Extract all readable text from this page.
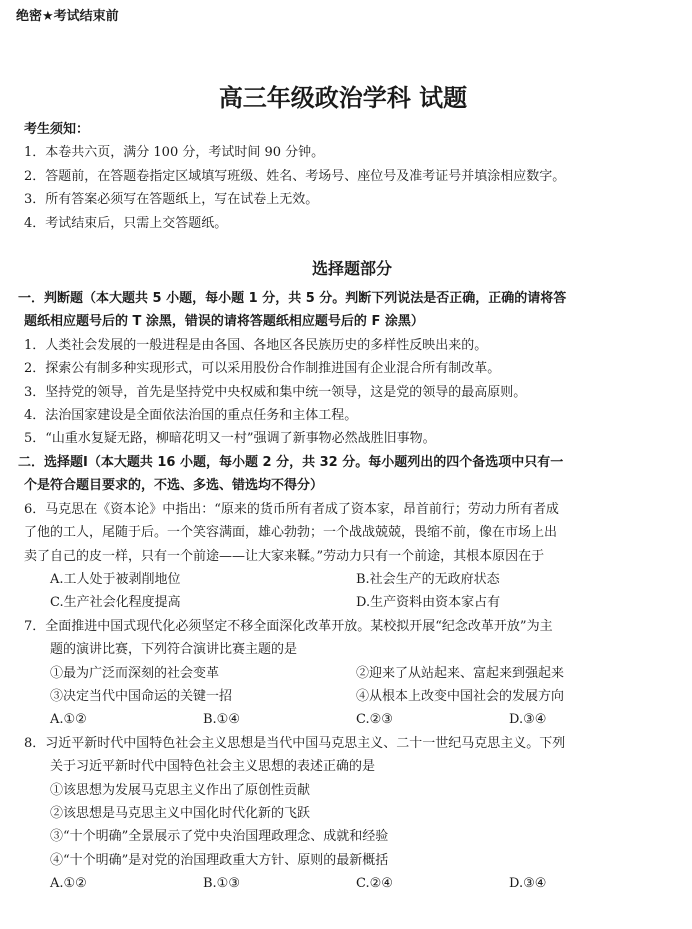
绝密★考试结束前
高三年级政治学科 试题
考生须知：
1．本卷共六页，满分 100 分，考试时间 90 分钟。
2．答题前，在答题卷指定区域填写班级、姓名、考场号、座位号及准考证号并填涂相应数字。
3．所有答案必须写在答题纸上，写在试卷上无效。
4．考试结束后，只需上交答题纸。
选择题部分
一．判断题（本大题共 5 小题，每小题 1 分，共 5 分。判断下列说法是否正确，正确的请将答
题纸相应题号后的 T 涂黑，错误的请将答题纸相应题号后的 F 涂黑）
1．人类社会发展的一般进程是由各国、各地区各民族历史的多样性反映出来的。
2．探索公有制多种实现形式，可以采用股份合作制推进国有企业混合所有制改革。
3．坚持党的领导，首先是坚持党中央权威和集中统一领导，这是党的领导的最高原则。
4．法治国家建设是全面依法治国的重点任务和主体工程。
5．“山重水复疑无路，柳暗花明又一村”强调了新事物必然战胜旧事物。
二．选择题Ⅰ（本大题共 16 小题，每小题 2 分，共 32 分。每小题列出的四个备选项中只有一
个是符合题目要求的，不选、多选、错选均不得分）
6．马克思在《资本论》中指出：“原来的货币所有者成了资本家，昂首前行；劳动力所有者成
了他的工人，尾随于后。一个笑容满面，雄心勃勃；一个战战兢兢，畏缩不前，像在市场上出
卖了自己的皮一样，只有一个前途——让大家来鞣。”劳动力只有一个前途，其根本原因在于
A.工人处于被剥削地位	B.社会生产的无政府状态
C.生产社会化程度提高	D.生产资料由资本家占有
7．全面推进中国式现代化必须坚定不移全面深化改革开放。某校拟开展“纪念改革开放”为主
题的演讲比赛，下列符合演讲比赛主题的是
①最为广泛而深刻的社会变革	②迎来了从站起来、富起来到强起来
③决定当代中国命运的关键一招	④从根本上改变中国社会的发展方向
A.①②	B.①④	C.②③	D.③④
8．习近平新时代中国特色社会主义思想是当代中国马克思主义、二十一世纪马克思主义。下列
关于习近平新时代中国特色社会主义思想的表述正确的是
①该思想为发展马克思主义作出了原创性贡献
②该思想是马克思主义中国化时代化新的飞跃
③“十个明确”全景展示了党中央治国理政理念、成就和经验
④“十个明确”是对党的治国理政重大方针、原则的最新概括
A.①②	B.①③	C.②④	D.③④
